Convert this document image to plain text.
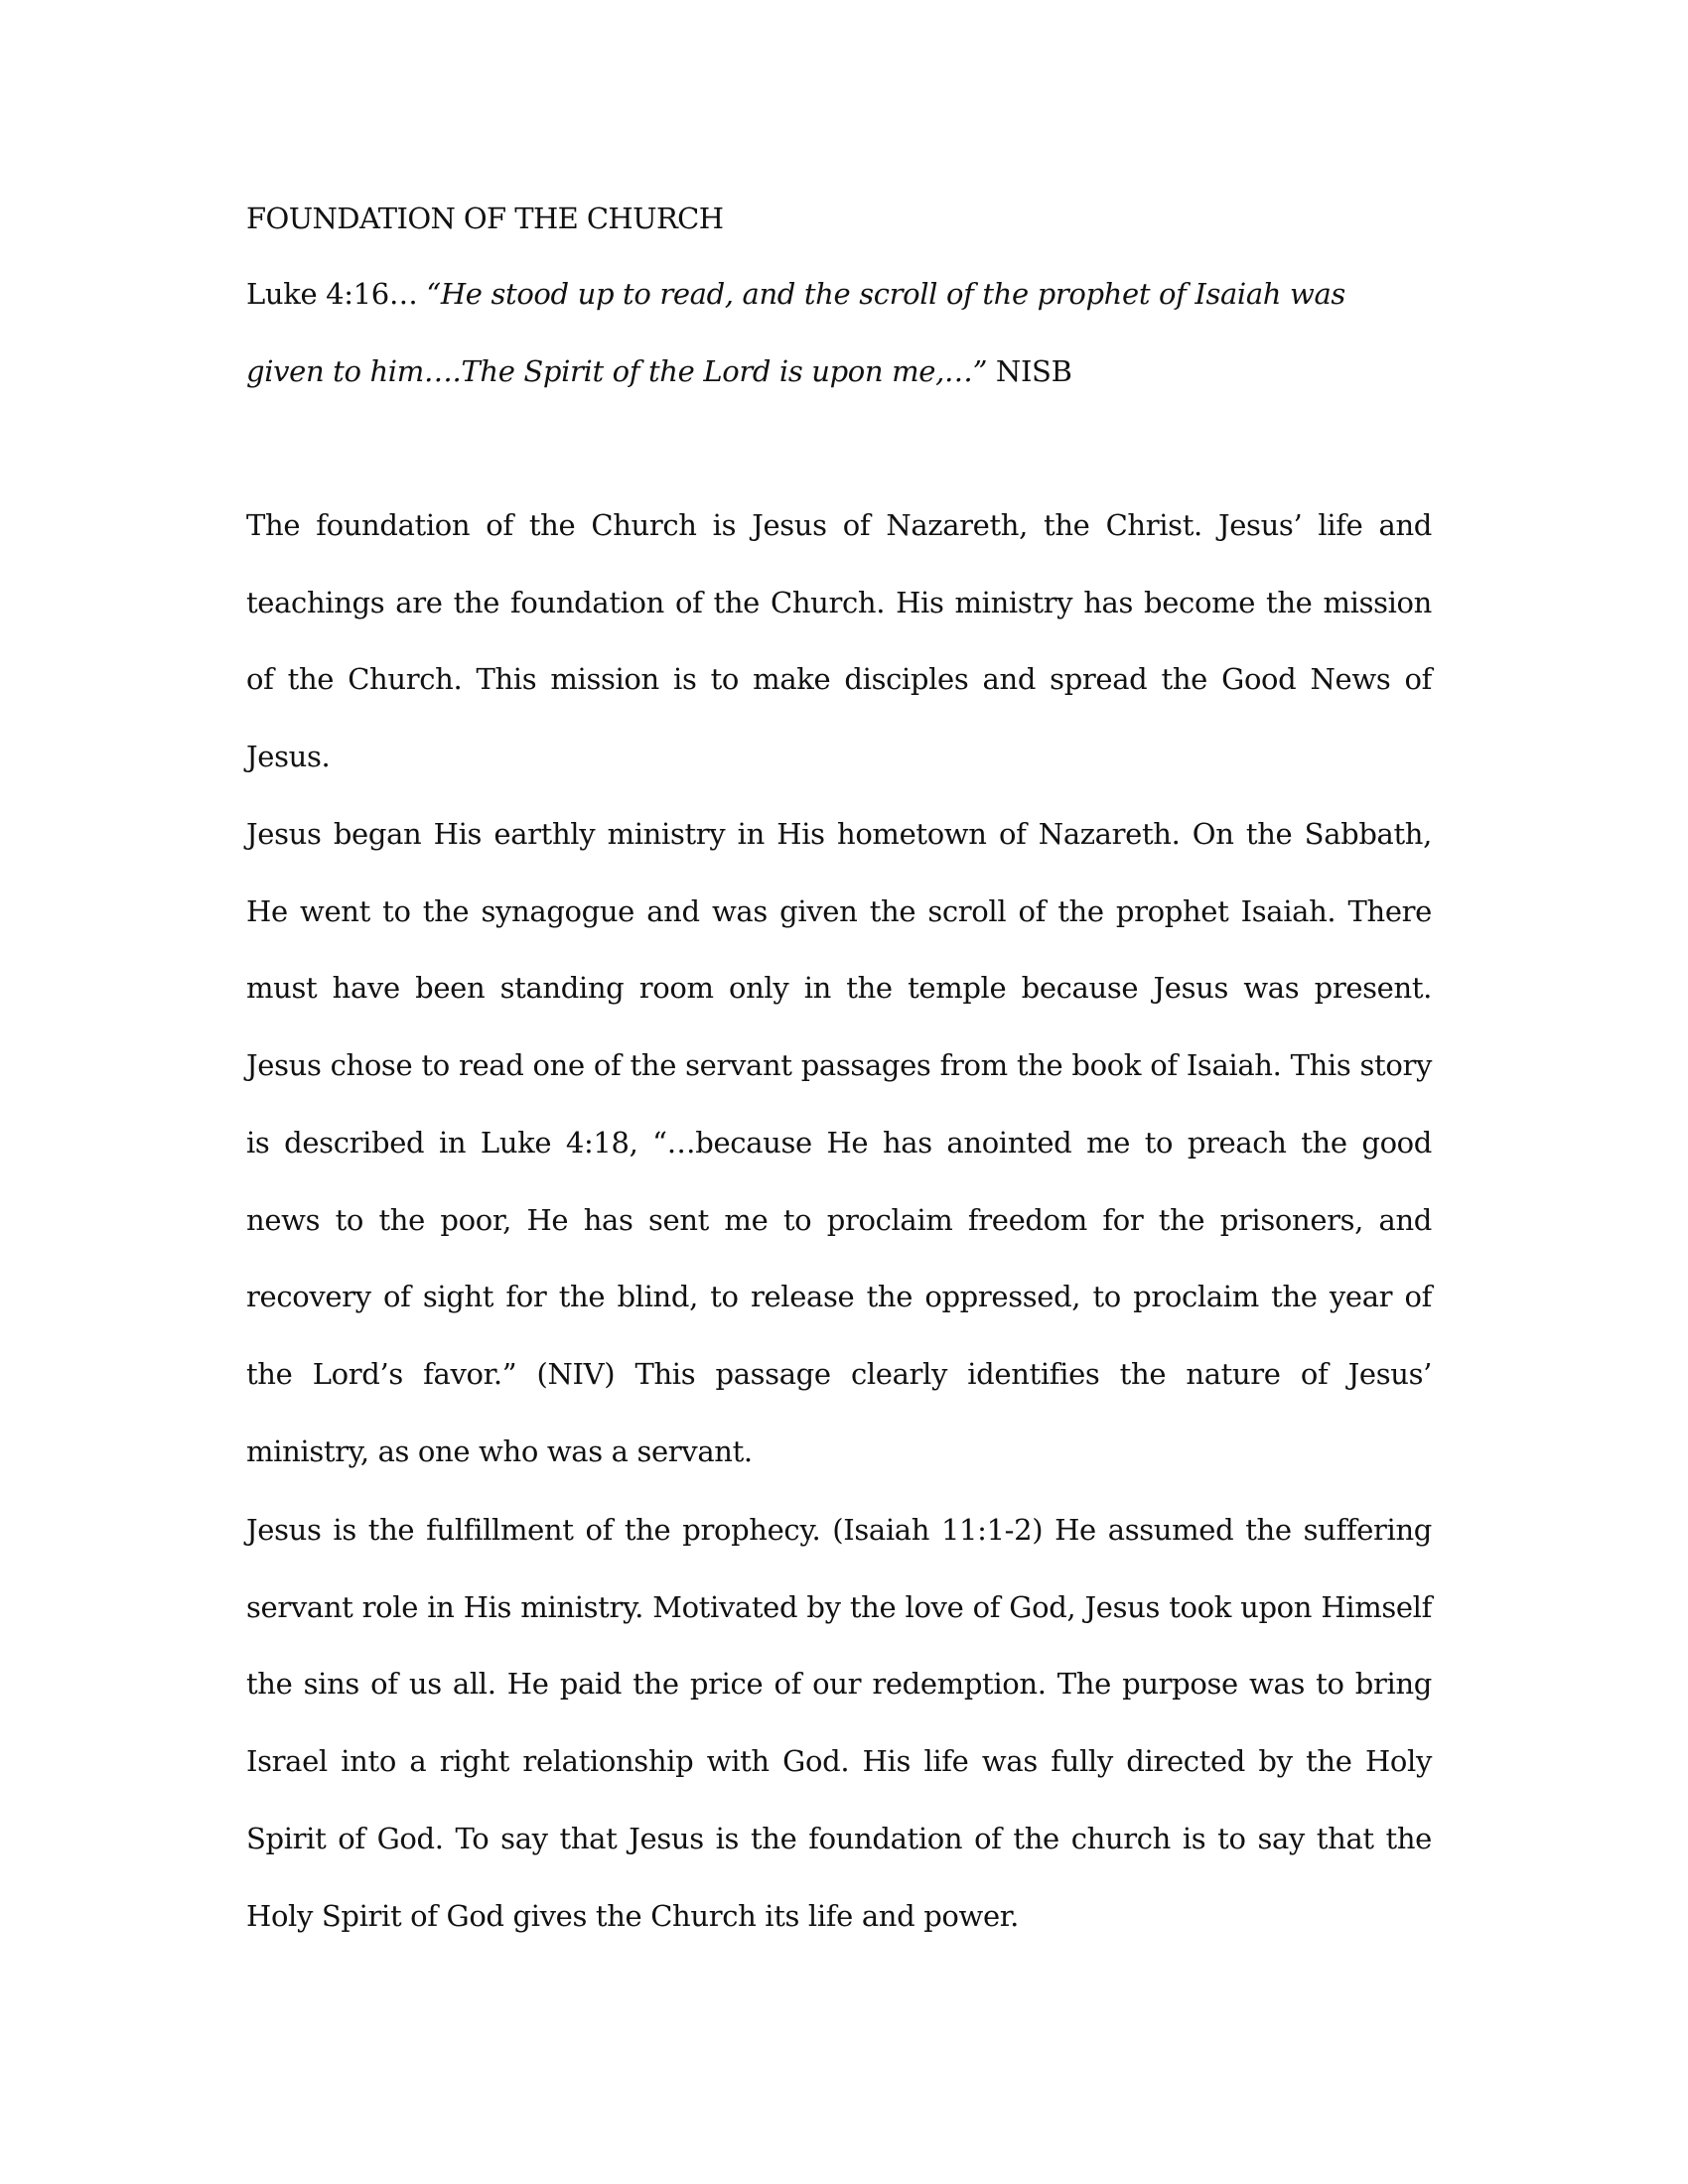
FOUNDATION OF THE CHURCH
Luke 4:16… “He stood up to read, and the scroll of the prophet of Isaiah was given to him….The Spirit of the Lord is upon me,…” NISB
The foundation of the Church is Jesus of Nazareth, the Christ. Jesus’ life and teachings are the foundation of the Church. His ministry has become the mission of the Church. This mission is to make disciples and spread the Good News of Jesus.
Jesus began His earthly ministry in His hometown of Nazareth. On the Sabbath, He went to the synagogue and was given the scroll of the prophet Isaiah. There must have been standing room only in the temple because Jesus was present. Jesus chose to read one of the servant passages from the book of Isaiah. This story is described in Luke 4:18, “…because He has anointed me to preach the good news to the poor, He has sent me to proclaim freedom for the prisoners, and recovery of sight for the blind, to release the oppressed, to proclaim the year of the Lord’s favor.” (NIV) This passage clearly identifies the nature of Jesus’ ministry, as one who was a servant.
Jesus is the fulfillment of the prophecy. (Isaiah 11:1-2) He assumed the suffering servant role in His ministry. Motivated by the love of God, Jesus took upon Himself the sins of us all. He paid the price of our redemption. The purpose was to bring Israel into a right relationship with God. His life was fully directed by the Holy Spirit of God. To say that Jesus is the foundation of the church is to say that the Holy Spirit of God gives the Church its life and power.
